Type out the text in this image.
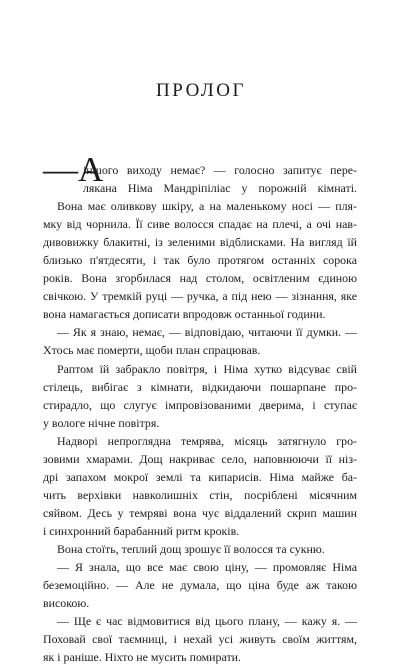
ПРОЛОГ
—А
іншого виходу немає? — голосно запитує пере-
лякана Німа Мандріпіліас у порожній кімнаті.
Вона має оливкову шкіру, а на маленькому носі — пля-
мку від чорнила. Її сиве волосся спадає на плечі, а очі нав-
дивовижку блакитні, із зеленими відблисками. На вигляд їй
близько п'ятдесяти, і так було протягом останніх сорока
років. Вона згорбилася над столом, освітленим єдиною
свічкою. У тремкій руці — ручка, а під нею — зізнання, яке
вона намагається дописати впродовж останньої години.
— Як я знаю, немає, — відповідаю, читаючи її думки. —
Хтось має померти, щоби план спрацював.
Раптом їй забракло повітря, і Німа хутко відсуває свій
стілець, вибігає з кімнати, відкидаючи пошарпане про-
стирадло, що слугує імпровізованими дверима, і ступає
у вологе нічне повітря.
Надворі непроглядна темрява, місяць затягнуло гро-
зовими хмарами. Дощ накриває село, наповнюючи її ніз-
дрі запахом мокрої землі та кипарисів. Німа майже ба-
чить верхівки навколишніх стін, посріблені місячним
сяйвом. Десь у темряві вона чує віддалений скрип машин
і синхронний барабанний ритм кроків.
Вона стоїть, теплий дощ зрошує її волосся та сукню.
— Я знала, що все має свою ціну, — промовляє Німа
беземоційно. — Але не думала, що ціна буде аж такою
високою.
— Ще є час відмовитися від цього плану, — кажу я. —
Поховай свої таємниці, і нехай усі живуть своїм життям,
як і раніше. Ніхто не мусить помирати.
